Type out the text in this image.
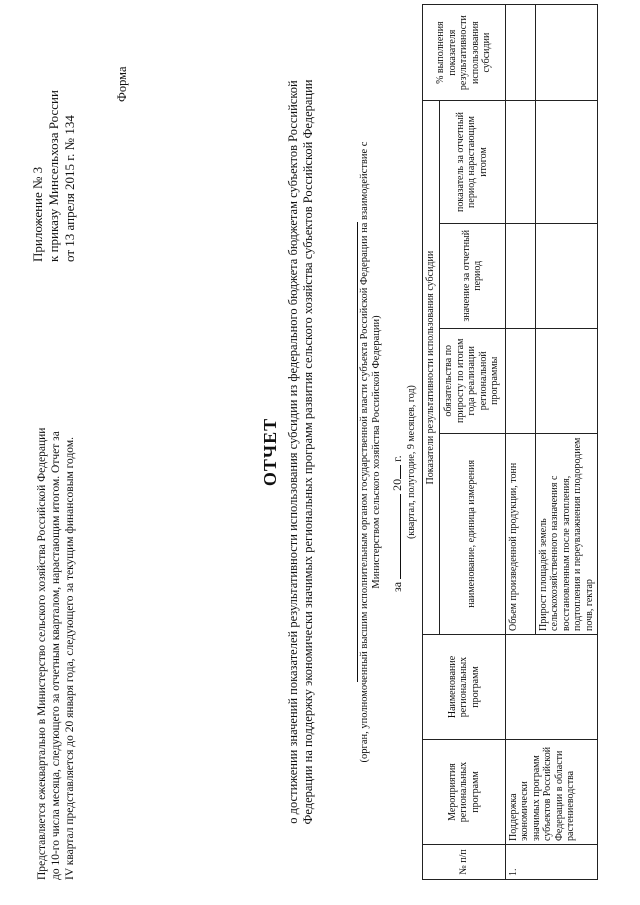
Приложение № 3 к приказу Минсельхоза России от 13 апреля 2015 г. № 134
Форма
Представляется ежеквартально в Министерство сельского хозяйства Российской Федерации до 10-го числа месяца, следующего за отчетным кварталом, нарастающим итогом. Отчет за IV квартал представляется до 20 января года, следующего за текущим финансовым годом.	ОТЧЕТ о достижении значений показателей результативности использования субсидии из федерального бюджета бюджетам субъектов Российской Федерации на поддержку экономически значимых региональных программ развития сельского хозяйства субъектов Российской Федерации	(орган, уполномоченный высшим исполнительным органом государственной власти субъекта Российской Федерации на взаимодействие с Министерством сельского хозяйства Российской Федерации) за  20 г. (квартал, полугодие, 9 месяцев, год)
№ п/п	Мероприятия региональных программ	Наименование региональных программ	Показатели результативности использования субсидии				% выполнения показателя результативности использования субсидии
			наименование, единица измерения	обязательства по приросту по итогам года реализации региональной программы	значение за отчетный период	показатель за отчетный период нарастающим итогом	
1.	Поддержка экономически значимых программ субъектов Российской Федерации в области растениеводства		Объем произведенной продукции, тонн				
			Прирост площадей земель сельскохозяйственного назначения с восстановленным после затопления, подтопления и переувлажнения плодородием почв, гектар				
